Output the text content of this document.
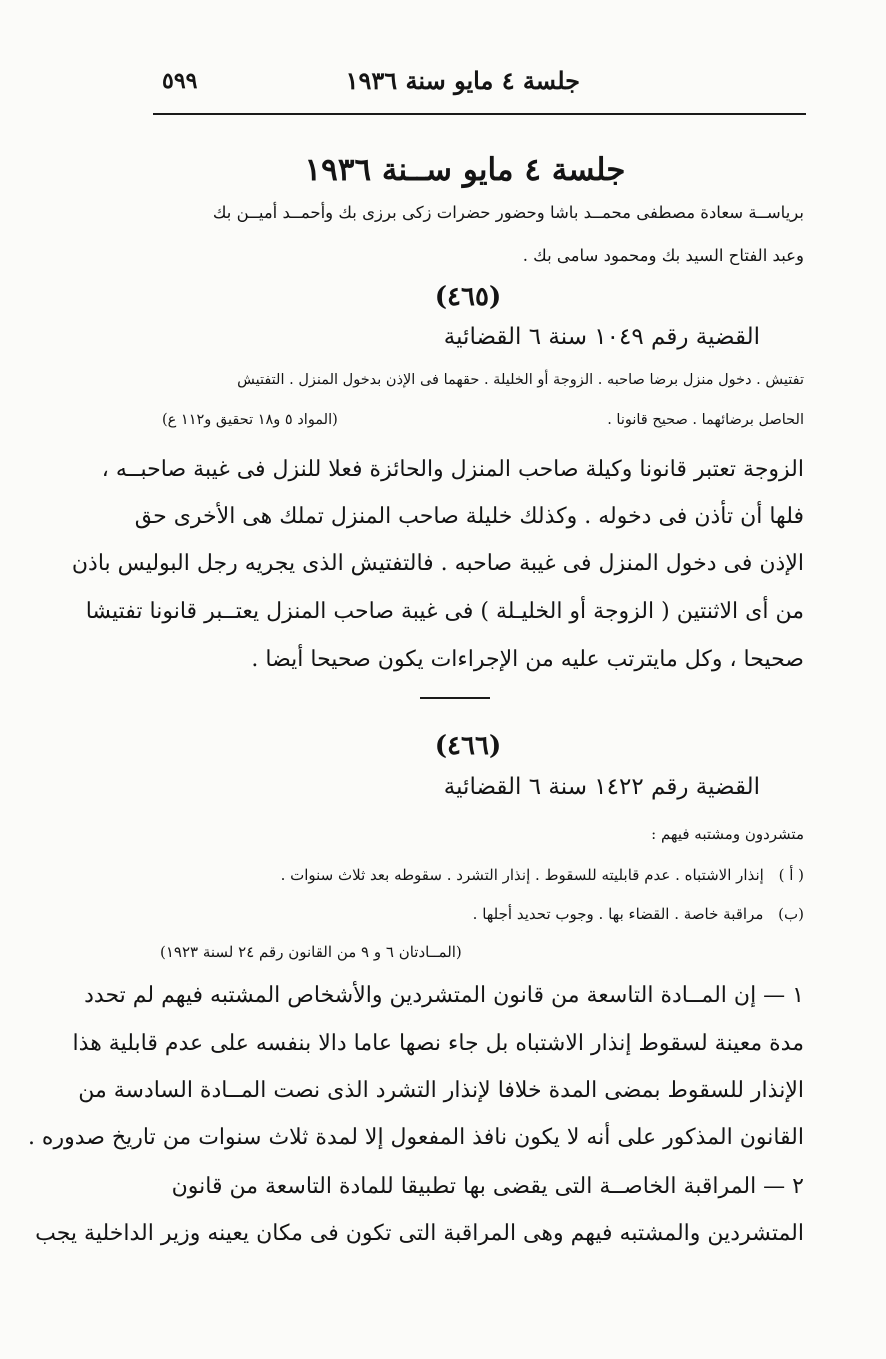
٥٩٩	جلسة ٤ مايو سنة ١٩٣٦
جلسة ٤ مايو ســنة ١٩٣٦
برياســة سعادة مصطفى محمــد باشا وحضور حضرات زكى برزى بك وأحمــد أميــن بك
وعبد الفتاح السيد بك ومحمود سامى بك .
(٤٦٥)
القضية رقم ١٠٤٩ سنة ٦ القضائية
تفتيش . دخول منزل برضا صاحبه . الزوجة أو الخليلة . حقهما فى الإذن بدخول المنزل . التفتيش
الحاصل برضائهما . صحيح قانونا .
(المواد ٥ و١٨ تحقيق و١١٢ ع)
الزوجة تعتبر قانونا وكيلة صاحب المنزل والحائزة فعلا للنزل فى غيبة صاحبــه ،
فلها أن تأذن فى دخوله . وكذلك خليلة صاحب المنزل تملك هى الأخرى حق
الإذن فى دخول المنزل فى غيبة صاحبه . فالتفتيش الذى يجريه رجل البوليس باذن
من أى الاثنتين ( الزوجة أو الخليـلة ) فى غيبة صاحب المنزل يعتــبر قانونا تفتيشا
صحيحا ، وكل مايترتب عليه من الإجراءات يكون صحيحا أيضا .
(٤٦٦)
القضية رقم ١٤٢٢ سنة ٦ القضائية
متشردون ومشتبه فيهم :
( أ ) إنذار الاشتباه . عدم قابليته للسقوط . إنذار التشرد . سقوطه بعد ثلاث سنوات .
(ب) مراقبة خاصة . القضاء بها . وجوب تحديد أجلها .
(المــادتان ٦ و ٩ من القانون رقم ٢٤ لسنة ١٩٢٣)
١ — إن المــادة التاسعة من قانون المتشردين والأشخاص المشتبه فيهم لم تحدد
مدة معينة لسقوط إنذار الاشتباه بل جاء نصها عاما دالا بنفسه على عدم قابلية هذا
الإنذار للسقوط بمضى المدة خلافا لإنذار التشرد الذى نصت المــادة السادسة من
القانون المذكور على أنه لا يكون نافذ المفعول إلا لمدة ثلاث سنوات من تاريخ صدوره .
٢ — المراقبة الخاصــة التى يقضى بها تطبيقا للمادة التاسعة من قانون
المتشردين والمشتبه فيهم وهى المراقبة التى تكون فى مكان يعينه وزير الداخلية يجب
